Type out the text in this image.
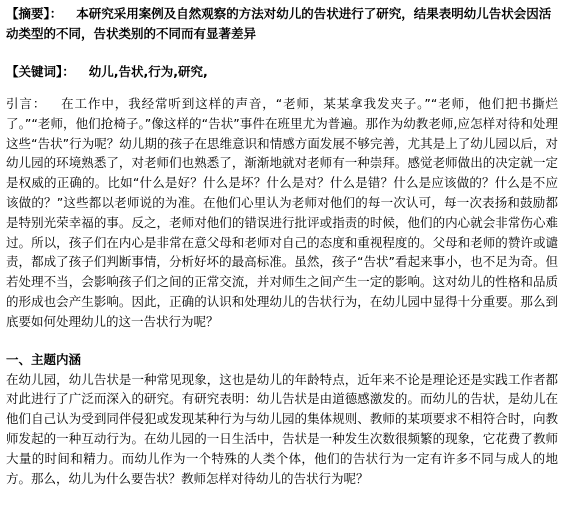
【摘要】： 本研究采用案例及自然观察的方法对幼儿的告状进行了研究，结果表明幼儿告状会因活动类型的不同，告状类别的不同而有显著差异

【关键词】： 幼儿,告状,行为,研究,

引言： 在工作中，我经常听到这样的声音，“老师，某某拿我发夹子。”“老师，他们把书撕烂了。”“老师，他们抢椅子。”像这样的“告状”事件在班里尤为普遍。那作为幼教老师,应怎样对待和处理这些“告状”行为呢？幼儿期的孩子在思维意识和情感方面发展不够完善，尤其是上了幼儿园以后，对幼儿园的环境熟悉了，对老师们也熟悉了，渐渐地就对老师有一种崇拜。感觉老师做出的决定就一定是权威的正确的。比如“什么是好？什么是坏？什么是对？什么是错？什么是应该做的？什么是不应该做的？”这些都以老师说的为准。在他们心里认为老师对他们的每一次认可，每一次表扬和鼓励都是特别光荣幸福的事。反之，老师对他们的错误进行批评或指责的时候，他们的内心就会非常伤心难过。所以，孩子们在内心是非常在意父母和老师对自己的态度和重视程度的。父母和老师的赞许或谴责，都成了孩子们判断事情，分析好坏的最高标准。虽然，孩子“告状”看起来事小，也不足为奇。但若处理不当，会影响孩子们之间的正常交流，并对师生之间产生一定的影响。这对幼儿的性格和品质的形成也会产生影响。因此，正确的认识和处理幼儿的告状行为，在幼儿园中显得十分重要。那么到底要如何处理幼儿的这一告状行为呢？

一、主题内涵

在幼儿园，幼儿告状是一种常见现象，这也是幼儿的年龄特点，近年来不论是理论还是实践工作者都对此进行了广泛而深入的研究。有研究表明：幼儿告状是由道德感激发的。而幼儿的告状，是幼儿在他们自己认为受到同伴侵犯或发现某种行为与幼儿园的集体规则、教师的某项要求不相符合时，向教师发起的一种互动行为。在幼儿园的一日生活中，告状是一种发生次数很频繁的现象，它花费了教师大量的时间和精力。而幼儿作为一个特殊的人类个体，他们的告状行为一定有许多不同与成人的地方。那么，幼儿为什么要告状？教师怎样对待幼儿的告状行为呢？
